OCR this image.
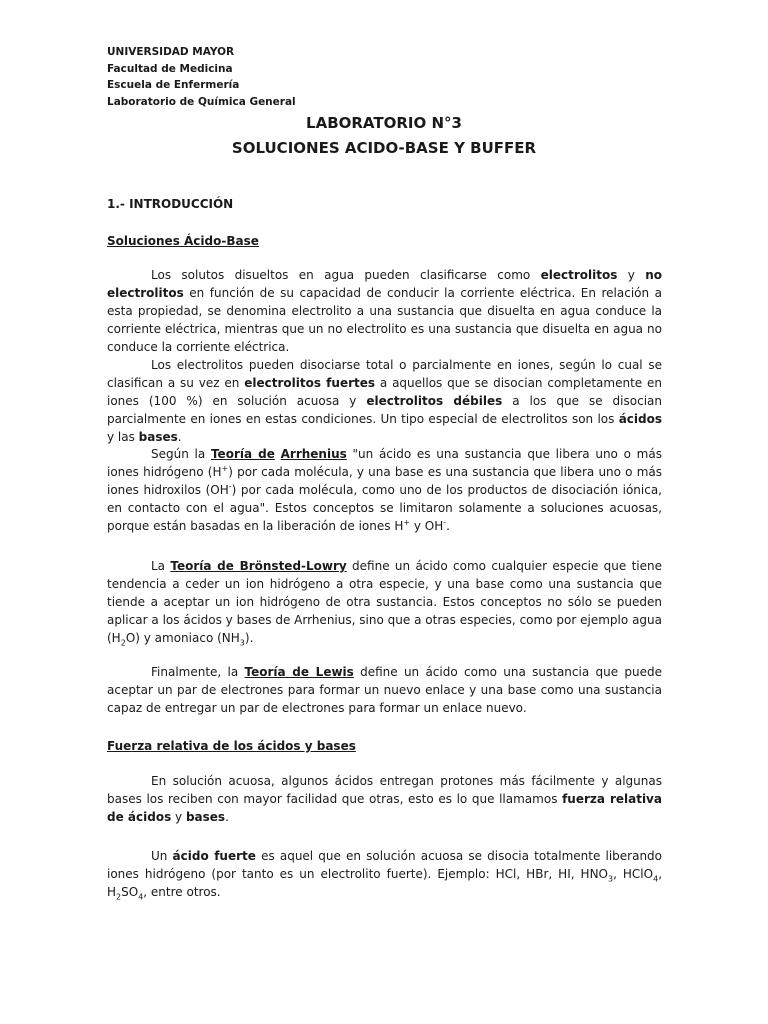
UNIVERSIDAD MAYOR
Facultad de Medicina
Escuela de Enfermería
Laboratorio de Química General
LABORATORIO N°3
SOLUCIONES ACIDO-BASE Y BUFFER
1.- INTRODUCCIÓN
Soluciones Ácido-Base

Los solutos disueltos en agua pueden clasificarse como electrolitos y no electrolitos en función de su capacidad de conducir la corriente eléctrica. En relación a esta propiedad, se denomina electrolito a una sustancia que disuelta en agua conduce la corriente eléctrica, mientras que un no electrolito es una sustancia que disuelta en agua no conduce la corriente eléctrica.

Los electrolitos pueden disociarse total o parcialmente en iones, según lo cual se clasifican a su vez en electrolitos fuertes a aquellos que se disocian completamente en iones (100 %) en solución acuosa y electrolitos débiles a los que se disocian parcialmente en iones en estas condiciones. Un tipo especial de electrolitos son los ácidos y las bases.

Según la Teoría de Arrhenius "un ácido es una sustancia que libera uno o más iones hidrógeno (H+) por cada molécula, y una base es una sustancia que libera uno o más iones hidroxilos (OH-) por cada molécula, como uno de los productos de disociación iónica, en contacto con el agua". Estos conceptos se limitaron solamente a soluciones acuosas, porque están basadas en la liberación de iones H+ y OH-.

La Teoría de Brönsted-Lowry define un ácido como cualquier especie que tiene tendencia a ceder un ion hidrógeno a otra especie, y una base como una sustancia que tiende a aceptar un ion hidrógeno de otra sustancia. Estos conceptos no sólo se pueden aplicar a los ácidos y bases de Arrhenius, sino que a otras especies, como por ejemplo agua $(H_2O)$ y amoniaco $(NH_3)$.

Finalmente, la Teoría de Lewis define un ácido como una sustancia que puede aceptar un par de electrones para formar un nuevo enlace y una base como una sustancia capaz de entregar un par de electrones para formar un enlace nuevo.

Fuerza relativa de los ácidos y bases

En solución acuosa, algunos ácidos entregan protones más fácilmente y algunas bases los reciben con mayor facilidad que otras, esto es lo que llamamos fuerza relativa de ácidos y bases.

Un ácido fuerte es aquel que en solución acuosa se disocia totalmente liberando iones hidrógeno (por tanto es un electrolito fuerte). Ejemplo: HCl, HBr, HI, $HNO_3$, HClO$_4$, $H_2SO_4$, entre otros.
